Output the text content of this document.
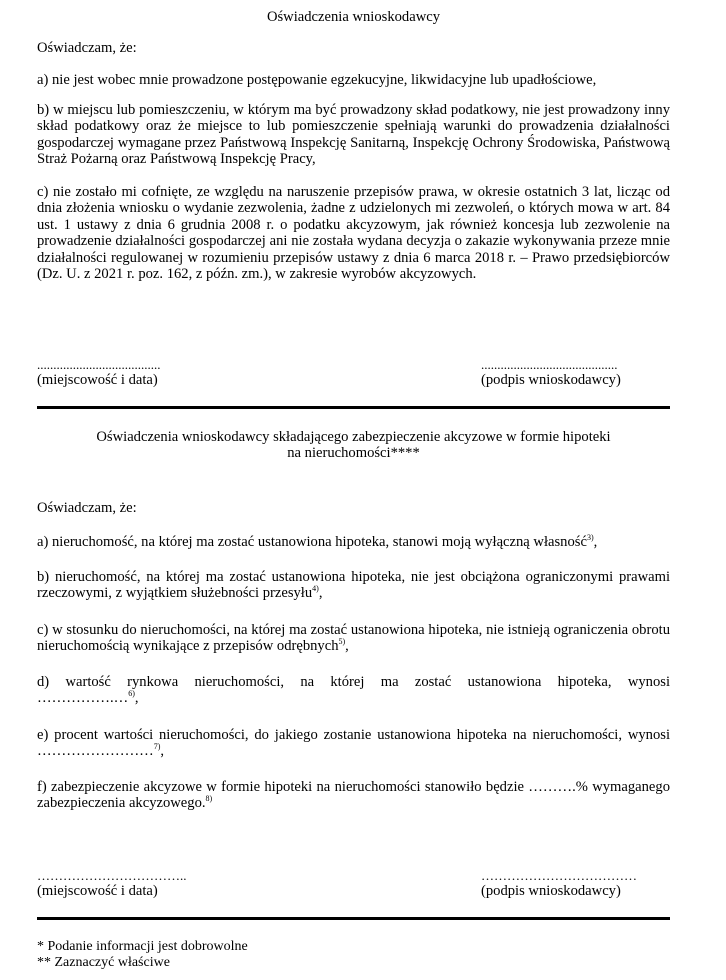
Oświadczenia wnioskodawcy
Oświadczam, że:

a) nie jest wobec mnie prowadzone postępowanie egzekucyjne, likwidacyjne lub upadłościowe,

b) w miejscu lub pomieszczeniu, w którym ma być prowadzony skład podatkowy, nie jest prowadzony inny skład podatkowy oraz że miejsce to lub pomieszczenie spełniają warunki do prowadzenia działalności gospodarczej wymagane przez Państwową Inspekcję Sanitarną, Inspekcję Ochrony Środowiska, Państwową Straż Pożarną oraz Państwową Inspekcję Pracy,

c) nie zostało mi cofnięte, ze względu na naruszenie przepisów prawa, w okresie ostatnich 3 lat, licząc od dnia złożenia wniosku o wydanie zezwolenia, żadne z udzielonych mi zezwoleń, o których mowa w art. 84 ust. 1 ustawy z dnia 6 grudnia 2008 r. o podatku akcyzowym, jak również koncesja lub zezwolenie na prowadzenie działalności gospodarczej ani nie została wydana decyzja o zakazie wykonywania przeze mnie działalności regulowanej w rozumieniu przepisów ustawy z dnia 6 marca 2018 r. – Prawo przedsiębiorców (Dz. U. z 2021 r. poz. 162, z późn. zm.), w zakresie wyrobów akcyzowych.

......................................
(miejscowość i data)
..........................................
(podpis wnioskodawcy)
Oświadczenia wnioskodawcy składającego zabezpieczenie akcyzowe w formie hipoteki
na nieruchomości****
Oświadczam, że:

a) nieruchomość, na której ma zostać ustanowiona hipoteka, stanowi moją wyłączną własność$^{3)}$,

b) nieruchomość, na której ma zostać ustanowiona hipoteka, nie jest obciążona ograniczonymi prawami rzeczowymi, z wyjątkiem służebności przesyłu$^{4)}$,

c) w stosunku do nieruchomości, na której ma zostać ustanowiona hipoteka, nie istnieją ograniczenia obrotu nieruchomością wynikające z przepisów odrębnych$^{5)}$,

d) wartość rynkowa nieruchomości, na której ma zostać ustanowiona hipoteka, wynosi

…………….…$^{6)}$,

e) procent wartości nieruchomości, do jakiego zostanie ustanowiona hipoteka na nieruchomości, wynosi ……………………$^{7)}$,

f) zabezpieczenie akcyzowe w formie hipoteki na nieruchomości stanowiło będzie ……….% wymaganego zabezpieczenia akcyzowego.$^{8)}$

……………………………..
(miejscowość i data)
………………………………
(podpis wnioskodawcy)
* Podanie informacji jest dobrowolne
** Zaznaczyć właściwe
